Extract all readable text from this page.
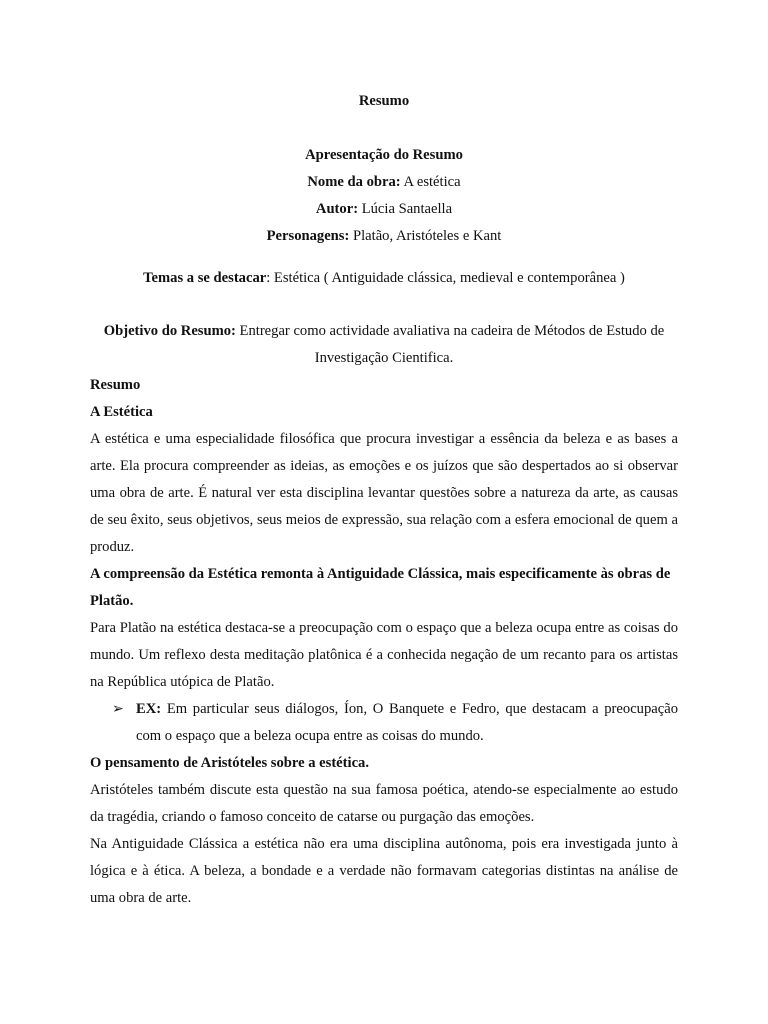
Resumo
Apresentação do Resumo
Nome da obra: A estética
Autor: Lúcia Santaella
Personagens: Platão, Aristóteles e Kant
Temas a se destacar: Estética ( Antiguidade clássica, medieval e contemporânea )
Objetivo do Resumo: Entregar como actividade avaliativa na cadeira de Métodos de Estudo de Investigação Cientifica.

Resumo

A Estética

A estética e uma especialidade filosófica que procura investigar a essência da beleza e as bases a arte. Ela procura compreender as ideias, as emoções e os juízos que são despertados ao si observar uma obra de arte. É natural ver esta disciplina levantar questões sobre a natureza da arte, as causas de seu êxito, seus objetivos, seus meios de expressão, sua relação com a esfera emocional de quem a produz.

A compreensão da Estética remonta à Antiguidade Clássica, mais especificamente às obras de Platão.

Para Platão na estética destaca-se a preocupação com o espaço que a beleza ocupa entre as coisas do mundo. Um reflexo desta meditação platônica é a conhecida negação de um recanto para os artistas na República utópica de Platão.

➢ EX: Em particular seus diálogos, Íon, O Banquete e Fedro, que destacam a preocupação com o espaço que a beleza ocupa entre as coisas do mundo.

O pensamento de Aristóteles sobre a estética.

Aristóteles também discute esta questão na sua famosa poética, atendo-se especialmente ao estudo da tragédia, criando o famoso conceito de catarse ou purgação das emoções.

Na Antiguidade Clássica a estética não era uma disciplina autônoma, pois era investigada junto à lógica e à ética. A beleza, a bondade e a verdade não formavam categorias distintas na análise de uma obra de arte.
